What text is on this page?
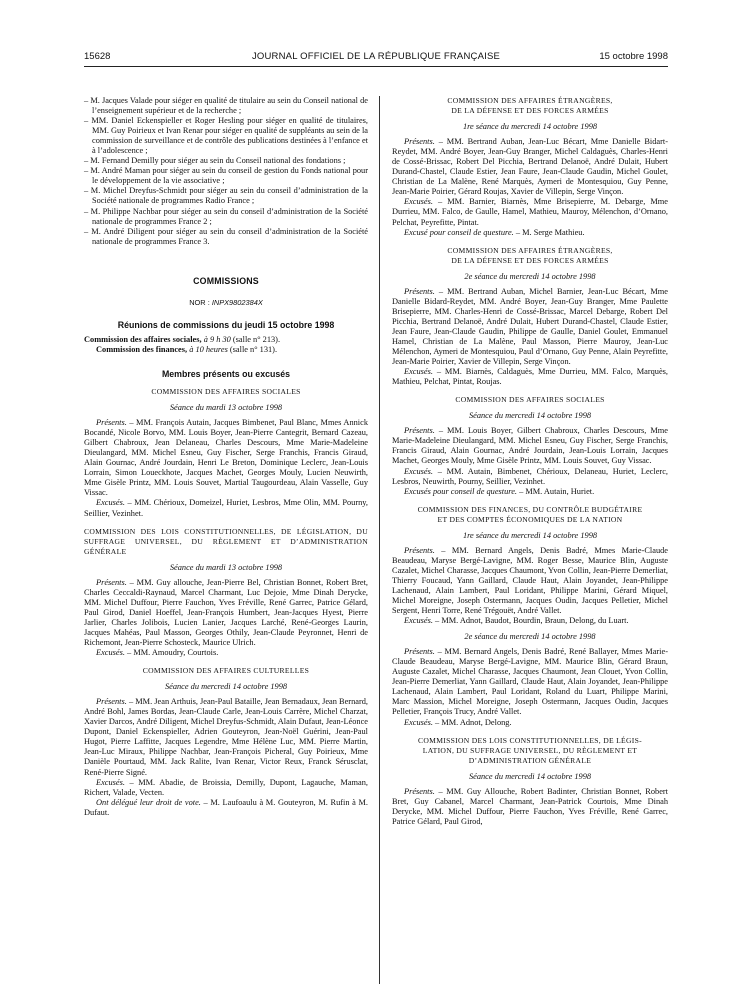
15628	JOURNAL OFFICIEL DE LA RÉPUBLIQUE FRANÇAISE	15 octobre 1998

– M. Jacques Valade pour siéger en qualité de titulaire au sein du Conseil national de l’enseignement supérieur et de la recherche ;

– MM. Daniel Eckenspieller et Roger Hesling pour siéger en qualité de titulaires, MM. Guy Poirieux et Ivan Renar pour siéger en qualité de suppléants au sein de la commission de surveillance et de contrôle des publications destinées à l’enfance et à l’adolescence ;

– M. Fernand Demilly pour siéger au sein du Conseil national des fondations ;

– M. André Maman pour siéger au sein du conseil de gestion du Fonds national pour le développement de la vie associative ;

– M. Michel Dreyfus-Schmidt pour siéger au sein du conseil d’administration de la Société nationale de programmes Radio France ;

– M. Philippe Nachbar pour siéger au sein du conseil d’administration de la Société nationale de programmes France 2 ;

– M. André Diligent pour siéger au sein du conseil d’administration de la Société nationale de programmes France 3.

COMMISSIONS
NOR : INPX9802384X
Réunions de commissions du jeudi 15 octobre 1998

Commission des affaires sociales, à 9 h 30 (salle n° 213).

Commission des finances, à 10 heures (salle n° 131).

Membres présents ou excusés

COMMISSION DES AFFAIRES SOCIALES

Séance du mardi 13 octobre 1998

Présents. – MM. François Autain, Jacques Bimbenet, Paul Blanc, Mmes Annick Bocandé, Nicole Borvo, MM. Louis Boyer, Jean-Pierre Cantegrit, Bernard Cazeau, Gilbert Chabroux, Jean Delaneau, Charles Descours, Mme Marie-Madeleine Dieulangard, MM. Michel Esneu, Guy Fischer, Serge Franchis, Francis Giraud, Alain Gournac, André Jourdain, Henri Le Breton, Dominique Leclerc, Jean-Louis Lorrain, Simon Loueckhote, Jacques Machet, Georges Mouly, Lucien Neuwirth, Mme Gisèle Printz, MM. Louis Souvet, Martial Taugourdeau, Alain Vasselle, Guy Vissac.

Excusés. – MM. Chérioux, Domeizel, Huriet, Lesbros, Mme Olin, MM. Pourny, Seillier, Vezinhet.

COMMISSION DES LOIS CONSTITUTIONNELLES, DE LÉGISLATION, DU SUFFRAGE UNIVERSEL, DU RÈGLEMENT ET D’ADMINISTRATION GÉNÉRALE

Séance du mardi 13 octobre 1998

Présents. – MM. Guy allouche, Jean-Pierre Bel, Christian Bonnet, Robert Bret, Charles Ceccaldi-Raynaud, Marcel Charmant, Luc Dejoie, Mme Dinah Derycke, MM. Michel Duffour, Pierre Fauchon, Yves Fréville, René Garrec, Patrice Gélard, Paul Girod, Daniel Hoeffel, Jean-François Humbert, Jean-Jacques Hyest, Pierre Jarlier, Charles Jolibois, Lucien Lanier, Jacques Larché, René-Georges Laurin, Jacques Mahéas, Paul Masson, Georges Othily, Jean-Claude Peyronnet, Henri de Richemont, Jean-Pierre Schosteck, Maurice Ulrich.

Excusés. – MM. Amoudry, Courtois.

COMMISSION DES AFFAIRES CULTURELLES

Séance du mercredi 14 octobre 1998

Présents. – MM. Jean Arthuis, Jean-Paul Bataille, Jean Bernadaux, Jean Bernard, André Bohl, James Bordas, Jean-Claude Carle, Jean-Louis Carrère, Michel Charzat, Xavier Darcos, André Diligent, Michel Dreyfus-Schmidt, Alain Dufaut, Jean-Léonce Dupont, Daniel Eckenspieller, Adrien Gouteyron, Jean-Noël Guérini, Jean-Paul Hugot, Pierre Laffitte, Jacques Legendre, Mme Hélène Luc, MM. Pierre Martin, Jean-Luc Miraux, Philippe Nachbar, Jean-François Picheral, Guy Poirieux, Mme Danièle Pourtaud, MM. Jack Ralite, Ivan Renar, Victor Reux, Franck Sérusclat, René-Pierre Signé.

Excusés. – MM. Abadie, de Broissia, Demilly, Dupont, Lagauche, Maman, Richert, Valade, Vecten.

Ont délégué leur droit de vote. – M. Laufoaulu à M. Gouteyron, M. Rufin à M. Dufaut.

COMMISSION DES AFFAIRES ÉTRANGÈRES,

DE LA DÉFENSE ET DES FORCES ARMÉES

1re séance du mercredi 14 octobre 1998

Présents. – MM. Bertrand Auban, Jean-Luc Bécart, Mme Danielle Bidart-Reydet, MM. André Boyer, Jean-Guy Branger, Michel Caldaguès, Charles-Henri de Cossé-Brissac, Robert Del Picchia, Bertrand Delanoë, André Dulait, Hubert Durand-Chastel, Claude Estier, Jean Faure, Jean-Claude Gaudin, Michel Goulet, Christian de La Malène, René Marquès, Aymeri de Montesquiou, Guy Penne, Jean-Marie Poirier, Gérard Roujas, Xavier de Villepin, Serge Vinçon.

Excusés. – MM. Barnier, Biarnès, Mme Brisepierre, M. Debarge, Mme Durrieu, MM. Falco, de Gaulle, Hamel, Mathieu, Mauroy, Mélenchon, d’Ornano, Pelchat, Peyrefitte, Pintat.

Excusé pour conseil de questure. – M. Serge Mathieu.

COMMISSION DES AFFAIRES ÉTRANGÈRES,

DE LA DÉFENSE ET DES FORCES ARMÉES

2e séance du mercredi 14 octobre 1998

Présents. – MM. Bertrand Auban, Michel Barnier, Jean-Luc Bécart, Mme Danielle Bidard-Reydet, MM. André Boyer, Jean-Guy Branger, Mme Paulette Brisepierre, MM. Charles-Henri de Cossé-Brissac, Marcel Debarge, Robert Del Picchia, Bertrand Delanoë, André Dulait, Hubert Durand-Chastel, Claude Estier, Jean Faure, Jean-Claude Gaudin, Philippe de Gaulle, Daniel Goulet, Emmanuel Hamel, Christian de La Malène, Paul Masson, Pierre Mauroy, Jean-Luc Mélenchon, Aymeri de Montesquiou, Paul d’Ornano, Guy Penne, Alain Peyrefitte, Jean-Marie Poirier, Xavier de Villepin, Serge Vinçon.

Excusés. – MM. Biarnès, Caldaguès, Mme Durrieu, MM. Falco, Marquès, Mathieu, Pelchat, Pintat, Roujas.

COMMISSION DES AFFAIRES SOCIALES

Séance du mercredi 14 octobre 1998

Présents. – MM. Louis Boyer, Gilbert Chabroux, Charles Descours, Mme Marie-Madeleine Dieulangard, MM. Michel Esneu, Guy Fischer, Serge Franchis, Francis Giraud, Alain Gournac, André Jourdain, Jean-Louis Lorrain, Jacques Machet, Georges Mouly, Mme Gisèle Printz, MM. Louis Souvet, Guy Vissac.

Excusés. – MM. Autain, Bimbenet, Chérioux, Delaneau, Huriet, Leclerc, Lesbros, Neuwirth, Pourny, Seillier, Vezinhet.

Excusés pour conseil de questure. – MM. Autain, Huriet.

COMMISSION DES FINANCES, DU CONTRÔLE BUDGÉTAIRE

ET DES COMPTES ÉCONOMIQUES DE LA NATION

1re séance du mercredi 14 octobre 1998

Présents. – MM. Bernard Angels, Denis Badré, Mmes Marie-Claude Beaudeau, Maryse Bergé-Lavigne, MM. Roger Besse, Maurice Blin, Auguste Cazalet, Michel Charasse, Jacques Chaumont, Yvon Collin, Jean-Pierre Demerliat, Thierry Foucaud, Yann Gaillard, Claude Haut, Alain Joyandet, Jean-Philippe Lachenaud, Alain Lambert, Paul Loridant, Philippe Marini, Gérard Miquel, Michel Moreigne, Joseph Ostermann, Jacques Oudin, Jacques Pelletier, Michel Sergent, Henri Torre, René Trégouët, André Vallet.

Excusés. – MM. Adnot, Baudot, Bourdin, Braun, Delong, du Luart.

2e séance du mercredi 14 octobre 1998

Présents. – MM. Bernard Angels, Denis Badré, René Ballayer, Mmes Marie-Claude Beaudeau, Maryse Bergé-Lavigne, MM. Maurice Blin, Gérard Braun, Auguste Cazalet, Michel Charasse, Jacques Chaumont, Jean Clouet, Yvon Collin, Jean-Pierre Demerliat, Yann Gaillard, Claude Haut, Alain Joyandet, Jean-Philippe Lachenaud, Alain Lambert, Paul Loridant, Roland du Luart, Philippe Marini, Marc Massion, Michel Moreigne, Joseph Ostermann, Jacques Oudin, Jacques Pelletier, François Trucy, André Vallet.

Excusés. – MM. Adnot, Delong.

COMMISSION DES LOIS CONSTITUTIONNELLES, DE LÉGIS-

LATION, DU SUFFRAGE UNIVERSEL, DU RÈGLEMENT ET

D’ADMINISTRATION GÉNÉRALE

Séance du mercredi 14 octobre 1998

Présents. – MM. Guy Allouche, Robert Badinter, Christian Bonnet, Robert Bret, Guy Cabanel, Marcel Charmant, Jean-Patrick Courtois, Mme Dinah Derycke, MM. Michel Duffour, Pierre Fauchon, Yves Fréville, René Garrec, Patrice Gélard, Paul Girod,
